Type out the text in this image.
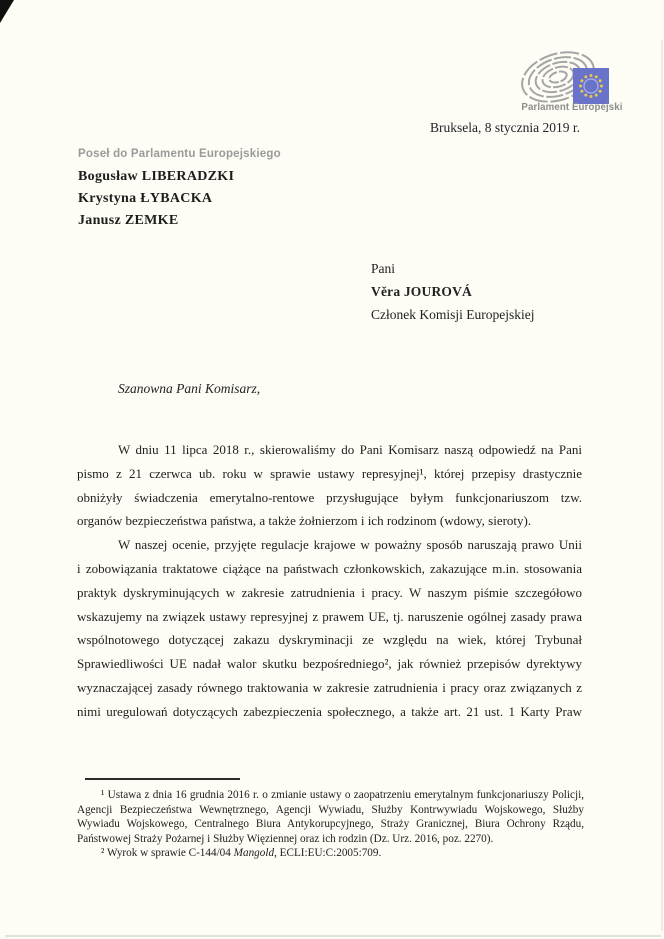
Parlament Europejski
Bruksela, 8 stycznia 2019 r.
Poseł do Parlamentu Europejskiego
Bogusław LIBERADZKI
Krystyna ŁYBACKA
Janusz ZEMKE
Pani
Věra JOUROVÁ
Członek Komisji Europejskiej
Szanowna Pani Komisarz,
W dniu 11 lipca 2018 r., skierowaliśmy do Pani Komisarz naszą odpowiedź na Pani
pismo z 21 czerwca ub. roku w sprawie ustawy represyjnej¹, której przepisy drastycznie
obniżyły świadczenia emerytalno-rentowe przysługujące byłym funkcjonariuszom tzw.
organów bezpieczeństwa państwa, a także żołnierzom i ich rodzinom (wdowy, sieroty).
W naszej ocenie, przyjęte regulacje krajowe w poważny sposób naruszają prawo Unii
i zobowiązania traktatowe ciążące na państwach członkowskich, zakazujące m.in. stosowania
praktyk dyskryminujących w zakresie zatrudnienia i pracy. W naszym piśmie szczegółowo
wskazujemy na związek ustawy represyjnej z prawem UE, tj. naruszenie ogólnej zasady prawa
wspólnotowego dotyczącej zakazu dyskryminacji ze względu na wiek, której Trybunał
Sprawiedliwości UE nadał walor skutku bezpośredniego², jak również przepisów dyrektywy
wyznaczającej zasady równego traktowania w zakresie zatrudnienia i pracy oraz związanych z
nimi uregulowań dotyczących zabezpieczenia społecznego, a także art. 21 ust. 1 Karty Praw
¹ Ustawa z dnia 16 grudnia 2016 r. o zmianie ustawy o zaopatrzeniu emerytalnym funkcjonariuszy Policji,
Agencji Bezpieczeństwa Wewnętrznego, Agencji Wywiadu, Służby Kontrwywiadu Wojskowego, Służby
Wywiadu Wojskowego, Centralnego Biura Antykorupcyjnego, Straży Granicznej, Biura Ochrony Rządu,
Państwowej Straży Pożarnej i Służby Więziennej oraz ich rodzin (Dz. Urz. 2016, poz. 2270).
² Wyrok w sprawie C-144/04 Mangold, ECLI:EU:C:2005:709.
